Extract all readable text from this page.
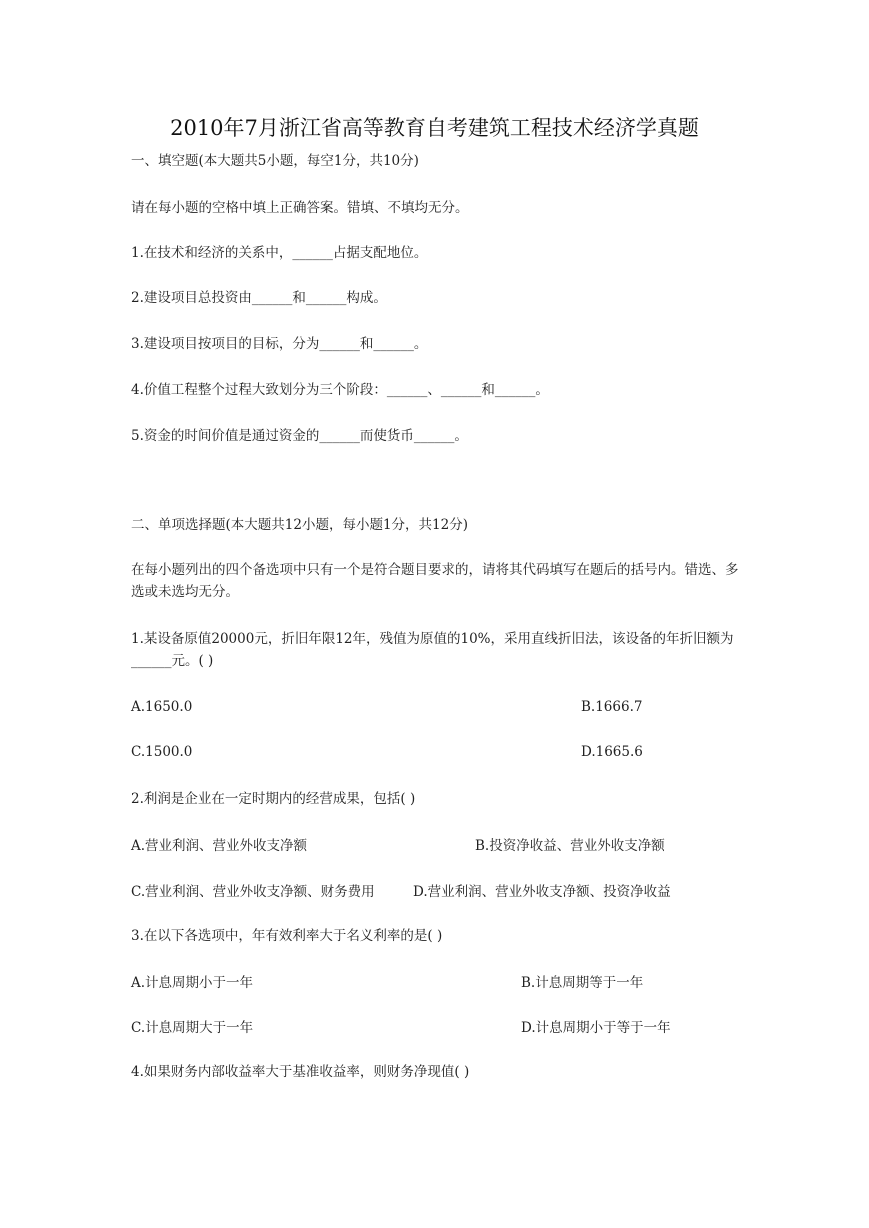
2010年7月浙江省高等教育自考建筑工程技术经济学真题
一、填空题(本大题共5小题，每空1分，共10分)
请在每小题的空格中填上正确答案。错填、不填均无分。
1.在技术和经济的关系中，______占据支配地位。
2.建设项目总投资由______和______构成。
3.建设项目按项目的目标，分为______和______。
4.价值工程整个过程大致划分为三个阶段：______、______和______。
5.资金的时间价值是通过资金的______而使货币______。
二、单项选择题(本大题共12小题，每小题1分，共12分)
在每小题列出的四个备选项中只有一个是符合题目要求的，请将其代码填写在题后的括号内。错选、多选或未选均无分。
1.某设备原值20000元，折旧年限12年，残值为原值的10%，采用直线折旧法，该设备的年折旧额为______元。( )
A.1650.0	B.1666.7
C.1500.0	D.1665.6
2.利润是企业在一定时期内的经营成果，包括( )
A.营业利润、营业外收支净额	B.投资净收益、营业外收支净额
C.营业利润、营业外收支净额、财务费用	D.营业利润、营业外收支净额、投资净收益
3.在以下各选项中，年有效利率大于名义利率的是( )
A.计息周期小于一年	B.计息周期等于一年
C.计息周期大于一年	D.计息周期小于等于一年
4.如果财务内部收益率大于基准收益率，则财务净现值( )
